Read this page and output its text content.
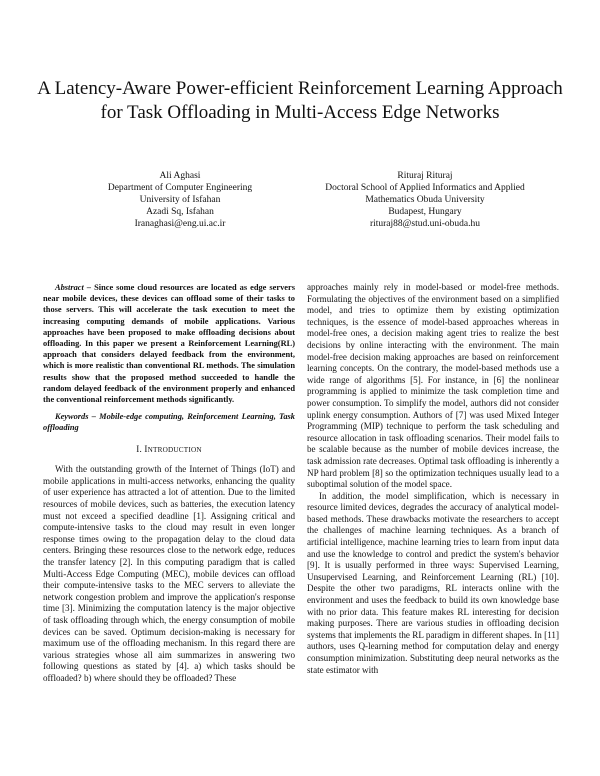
A Latency-Aware Power-efficient Reinforcement Learning Approach for Task Offloading in Multi-Access Edge Networks
Ali Aghasi
Department of Computer Engineering
University of Isfahan
Azadi Sq, Isfahan
Iranaghasi@eng.ui.ac.ir
Rituraj Rituraj
Doctoral School of Applied Informatics and Applied
Mathematics Obuda University
Budapest, Hungary
rituraj88@stud.uni-obuda.hu

Abstract – Since some cloud resources are located as edge servers near mobile devices, these devices can offload some of their tasks to those servers. This will accelerate the task execution to meet the increasing computing demands of mobile applications. Various approaches have been proposed to make offloading decisions about offloading. In this paper we present a Reinforcement Learning(RL) approach that considers delayed feedback from the environment, which is more realistic than conventional RL methods. The simulation results show that the proposed method succeeded to handle the random delayed feedback of the environment properly and enhanced the conventional reinforcement methods significantly.

Keywords – Mobile-edge computing, Reinforcement Learning, Task offloading

I. INTRODUCTION

With the outstanding growth of the Internet of Things (IoT) and mobile applications in multi-access networks, enhancing the quality of user experience has attracted a lot of attention. Due to the limited resources of mobile devices, such as batteries, the execution latency must not exceed a specified deadline [1]. Assigning critical and compute-intensive tasks to the cloud may result in even longer response times owing to the propagation delay to the cloud data centers. Bringing these resources close to the network edge, reduces the transfer latency [2]. In this computing paradigm that is called Multi-Access Edge Computing (MEC), mobile devices can offload their compute-intensive tasks to the MEC servers to alleviate the network congestion problem and improve the application's response time [3]. Minimizing the computation latency is the major objective of task offloading through which, the energy consumption of mobile devices can be saved. Optimum decision-making is necessary for maximum use of the offloading mechanism. In this regard there are various strategies whose all aim summarizes in answering two following questions as stated by [4]. a) which tasks should be offloaded? b) where should they be offloaded? These

approaches mainly rely in model-based or model-free methods. Formulating the objectives of the environment based on a simplified model, and tries to optimize them by existing optimization techniques, is the essence of model-based approaches whereas in model-free ones, a decision making agent tries to realize the best decisions by online interacting with the environment. The main model-free decision making approaches are based on reinforcement learning concepts. On the contrary, the model-based methods use a wide range of algorithms [5]. For instance, in [6] the nonlinear programming is applied to minimize the task completion time and power consumption. To simplify the model, authors did not consider uplink energy consumption. Authors of [7] was used Mixed Integer Programming (MIP) technique to perform the task scheduling and resource allocation in task offloading scenarios. Their model fails to be scalable because as the number of mobile devices increase, the task admission rate decreases. Optimal task offloading is inherently a NP hard problem [8] so the optimization techniques usually lead to a suboptimal solution of the model space.

In addition, the model simplification, which is necessary in resource limited devices, degrades the accuracy of analytical model-based methods. These drawbacks motivate the researchers to accept the challenges of machine learning techniques. As a branch of artificial intelligence, machine learning tries to learn from input data and use the knowledge to control and predict the system's behavior [9]. It is usually performed in three ways: Supervised Learning, Unsupervised Learning, and Reinforcement Learning (RL) [10]. Despite the other two paradigms, RL interacts online with the environment and uses the feedback to build its own knowledge base with no prior data. This feature makes RL interesting for decision making purposes. There are various studies in offloading decision systems that implements the RL paradigm in different shapes. In [11] authors, uses Q-learning method for computation delay and energy consumption minimization. Substituting deep neural networks as the state estimator with
